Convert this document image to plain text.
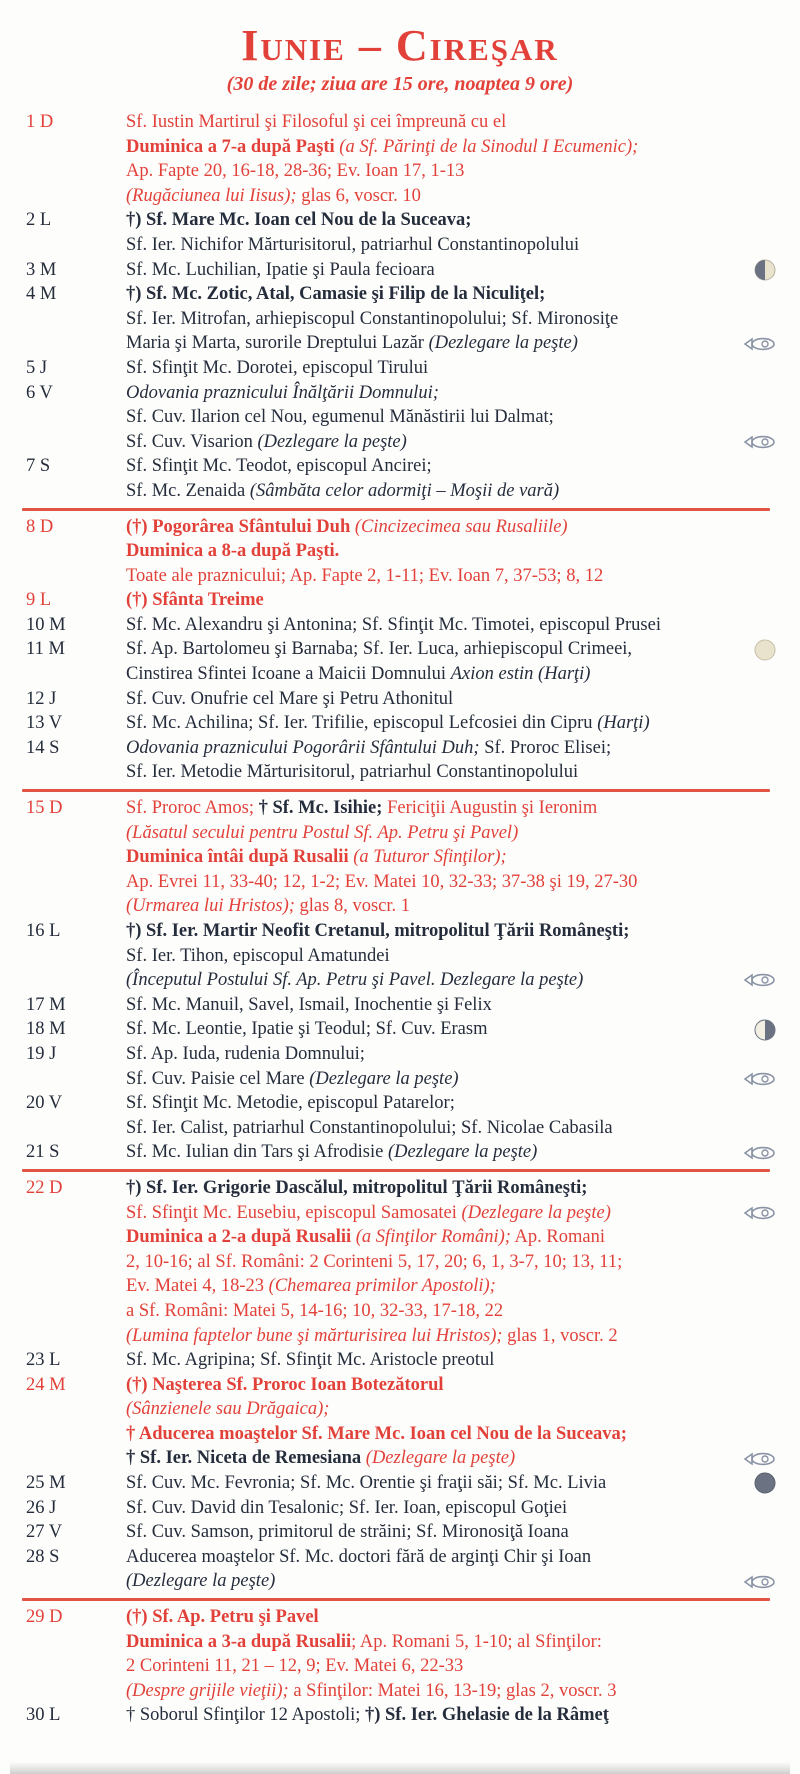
Iunie – Cireşar
(30 de zile; ziua are 15 ore, noaptea 9 ore)
1 D	Sf. Iustin Martirul şi Filosoful şi cei împreună cu el
Duminica a 7-a după Paşti (a Sf. Părinţi de la Sinodul I Ecumenic);
Ap. Fapte 20, 16-18, 28-36; Ev. Ioan 17, 1-13
(Rugăciunea lui Iisus); glas 6, voscr. 10
2 L	†) Sf. Mare Mc. Ioan cel Nou de la Suceava;
Sf. Ier. Nichifor Mărturisitorul, patriarhul Constantinopolului
3 M	Sf. Mc. Luchilian, Ipatie şi Paula fecioara
4 M	†) Sf. Mc. Zotic, Atal, Camasie şi Filip de la Niculiţel;
Sf. Ier. Mitrofan, arhiepiscopul Constantinopolului; Sf. Mironosiţe
Maria şi Marta, surorile Dreptului Lazăr (Dezlegare la peşte)
5 J	Sf. Sfinţit Mc. Dorotei, episcopul Tirului
6 V	Odovania praznicului Înălţării Domnului;
Sf. Cuv. Ilarion cel Nou, egumenul Mănăstirii lui Dalmat;
Sf. Cuv. Visarion (Dezlegare la peşte)
7 S	Sf. Sfinţit Mc. Teodot, episcopul Ancirei;
Sf. Mc. Zenaida (Sâmbăta celor adormiţi – Moşii de vară)
8 D	(†) Pogorârea Sfântului Duh (Cincizecimea sau Rusaliile)
Duminica a 8-a după Paşti.
Toate ale praznicului; Ap. Fapte 2, 1-11; Ev. Ioan 7, 37-53; 8, 12
9 L	(†) Sfânta Treime
10 M	Sf. Mc. Alexandru şi Antonina; Sf. Sfinţit Mc. Timotei, episcopul Prusei
11 M	Sf. Ap. Bartolomeu şi Barnaba; Sf. Ier. Luca, arhiepiscopul Crimeei,
Cinstirea Sfintei Icoane a Maicii Domnului Axion estin (Harţi)
12 J	Sf. Cuv. Onufrie cel Mare şi Petru Athonitul
13 V	Sf. Mc. Achilina; Sf. Ier. Trifilie, episcopul Lefcosiei din Cipru (Harţi)
14 S	Odovania praznicului Pogorârii Sfântului Duh; Sf. Proroc Elisei;
Sf. Ier. Metodie Mărturisitorul, patriarhul Constantinopolului
15 D	Sf. Proroc Amos; † Sf. Mc. Isihie; Fericiţii Augustin şi Ieronim
(Lăsatul secului pentru Postul Sf. Ap. Petru şi Pavel)
Duminica întâi după Rusalii (a Tuturor Sfinţilor);
Ap. Evrei 11, 33-40; 12, 1-2; Ev. Matei 10, 32-33; 37-38 şi 19, 27-30
(Urmarea lui Hristos); glas 8, voscr. 1
16 L	†) Sf. Ier. Martir Neofit Cretanul, mitropolitul Ţării Româneşti;
Sf. Ier. Tihon, episcopul Amatundei
(Începutul Postului Sf. Ap. Petru şi Pavel. Dezlegare la peşte)
17 M	Sf. Mc. Manuil, Savel, Ismail, Inochentie şi Felix
18 M	Sf. Mc. Leontie, Ipatie şi Teodul; Sf. Cuv. Erasm
19 J	Sf. Ap. Iuda, rudenia Domnului;
Sf. Cuv. Paisie cel Mare (Dezlegare la peşte)
20 V	Sf. Sfinţit Mc. Metodie, episcopul Patarelor;
Sf. Ier. Calist, patriarhul Constantinopolului; Sf. Nicolae Cabasila
21 S	Sf. Mc. Iulian din Tars şi Afrodisie (Dezlegare la peşte)
22 D	†) Sf. Ier. Grigorie Dascălul, mitropolitul Ţării Româneşti;
Sf. Sfinţit Mc. Eusebiu, episcopul Samosatei (Dezlegare la peşte)
Duminica a 2-a după Rusalii (a Sfinţilor Români); Ap. Romani
2, 10-16; al Sf. Români: 2 Corinteni 5, 17, 20; 6, 1, 3-7, 10; 13, 11;
Ev. Matei 4, 18-23 (Chemarea primilor Apostoli);
a Sf. Români: Matei 5, 14-16; 10, 32-33, 17-18, 22
(Lumina faptelor bune şi mărturisirea lui Hristos); glas 1, voscr. 2
23 L	Sf. Mc. Agripina; Sf. Sfinţit Mc. Aristocle preotul
24 M	(†) Naşterea Sf. Proroc Ioan Botezătorul
(Sânzienele sau Drăgaica);
† Aducerea moaştelor Sf. Mare Mc. Ioan cel Nou de la Suceava;
† Sf. Ier. Niceta de Remesiana (Dezlegare la peşte)
25 M	Sf. Cuv. Mc. Fevronia; Sf. Mc. Orentie şi fraţii săi; Sf. Mc. Livia
26 J	Sf. Cuv. David din Tesalonic; Sf. Ier. Ioan, episcopul Goţiei
27 V	Sf. Cuv. Samson, primitorul de străini; Sf. Mironosiţă Ioana
28 S	Aducerea moaştelor Sf. Mc. doctori fără de arginţi Chir şi Ioan
(Dezlegare la peşte)
29 D	(†) Sf. Ap. Petru şi Pavel
Duminica a 3-a după Rusalii; Ap. Romani 5, 1-10; al Sfinţilor:
2 Corinteni 11, 21 – 12, 9; Ev. Matei 6, 22-33
(Despre grijile vieţii); a Sfinţilor: Matei 16, 13-19; glas 2, voscr. 3
30 L	† Soborul Sfinţilor 12 Apostoli; †) Sf. Ier. Ghelasie de la Râmeţ
